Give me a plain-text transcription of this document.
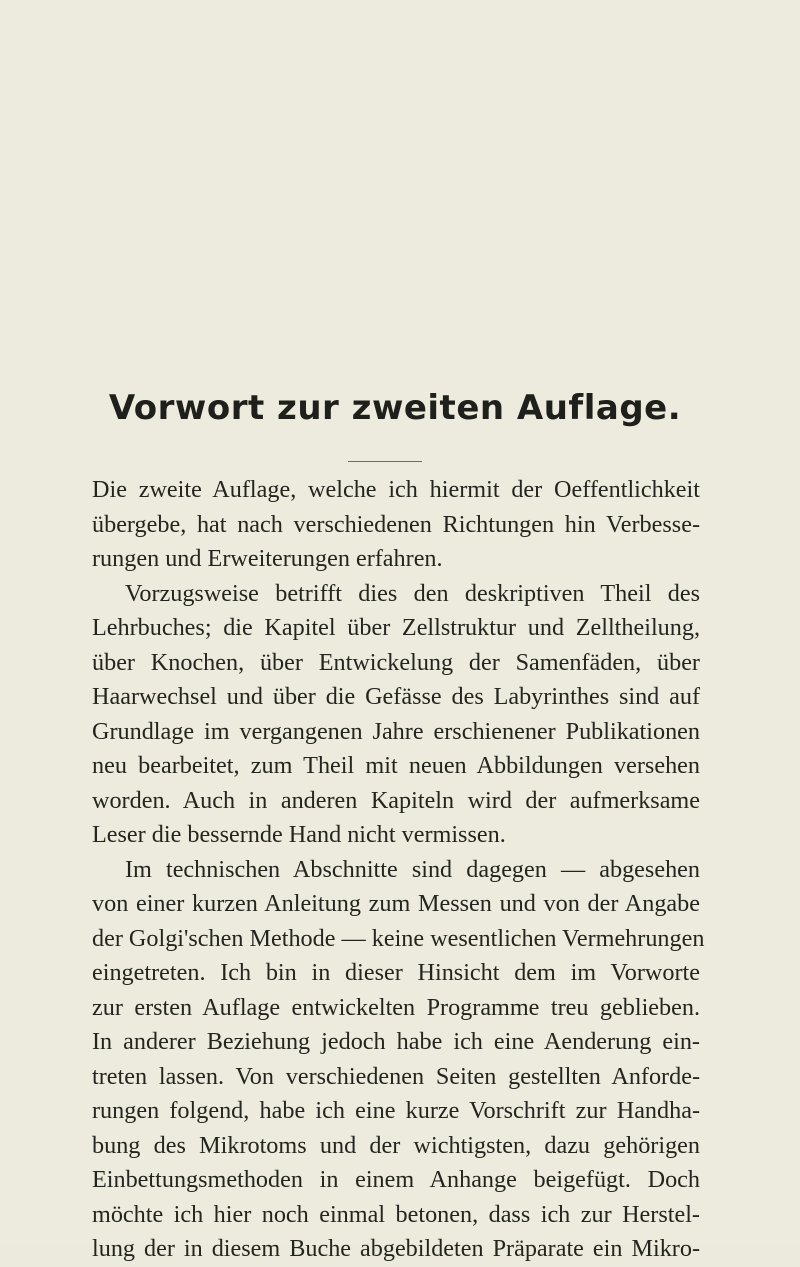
Vorwort zur zweiten Auflage.
Die zweite Auflage, welche ich hiermit der Oeffentlichkeit
übergebe, hat nach verschiedenen Richtungen hin Verbesse-
rungen und Erweiterungen erfahren.
Vorzugsweise betrifft dies den deskriptiven Theil des
Lehrbuches; die Kapitel über Zellstruktur und Zelltheilung,
über Knochen, über Entwickelung der Samenfäden, über
Haarwechsel und über die Gefässe des Labyrinthes sind auf
Grundlage im vergangenen Jahre erschienener Publikationen
neu bearbeitet, zum Theil mit neuen Abbildungen versehen
worden. Auch in anderen Kapiteln wird der aufmerksame
Leser die bessernde Hand nicht vermissen.
Im technischen Abschnitte sind dagegen — abgesehen
von einer kurzen Anleitung zum Messen und von der Angabe
der Golgi'schen Methode — keine wesentlichen Vermehrungen
eingetreten. Ich bin in dieser Hinsicht dem im Vorworte
zur ersten Auflage entwickelten Programme treu geblieben.
In anderer Beziehung jedoch habe ich eine Aenderung ein-
treten lassen. Von verschiedenen Seiten gestellten Anforde-
rungen folgend, habe ich eine kurze Vorschrift zur Handha-
bung des Mikrotoms und der wichtigsten, dazu gehörigen
Einbettungsmethoden in einem Anhange beigefügt. Doch
möchte ich hier noch einmal betonen, dass ich zur Herstel-
lung der in diesem Buche abgebildeten Präparate ein Mikro-
